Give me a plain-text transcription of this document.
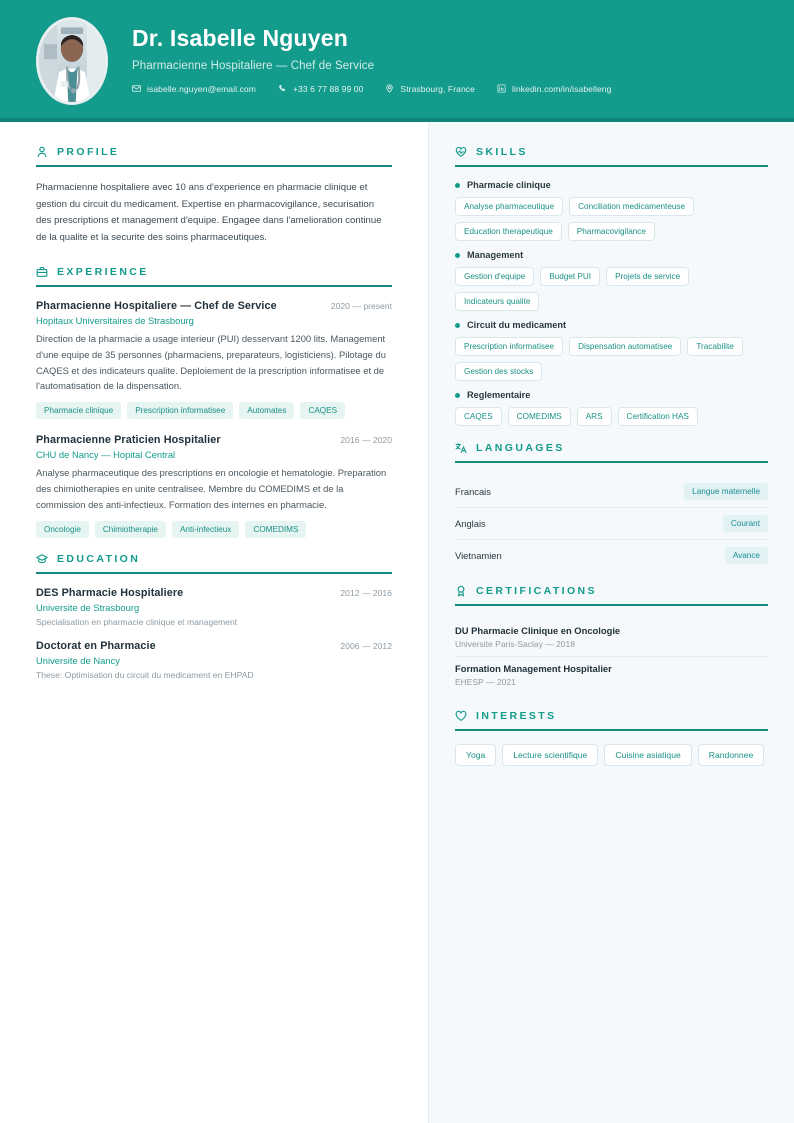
Dr. Isabelle Nguyen
Pharmacienne Hospitaliere — Chef de Service
isabelle.nguyen@email.com	+33 6 77 88 99 00	Strasbourg, France	linkedin.com/in/isabelleng
PROFILE
Pharmacienne hospitaliere avec 10 ans d'experience en pharmacie clinique et gestion du circuit du medicament. Expertise en pharmacovigilance, securisation des prescriptions et management d'equipe. Engagee dans l'amelioration continue de la qualite et la securite des soins pharmaceutiques.
EXPERIENCE
Pharmacienne Hospitaliere — Chef de Service	2020 — present
Hopitaux Universitaires de Strasbourg
Direction de la pharmacie a usage interieur (PUI) desservant 1200 lits. Management d'une equipe de 35 personnes (pharmaciens, preparateurs, logisticiens). Pilotage du CAQES et des indicateurs qualite. Deploiement de la prescription informatisee et de l'automatisation de la dispensation.
Pharmacie clinique	Prescription informatisee	Automates	CAQES
Pharmacienne Praticien Hospitalier	2016 — 2020
CHU de Nancy — Hopital Central
Analyse pharmaceutique des prescriptions en oncologie et hematologie. Preparation des chimiotherapies en unite centralisee. Membre du COMEDIMS et de la commission des anti-infectieux. Formation des internes en pharmacie.
Oncologie	Chimiotherapie	Anti-infectieux	COMEDIMS
EDUCATION
DES Pharmacie Hospitaliere	2012 — 2016
Universite de Strasbourg
Specialisation en pharmacie clinique et management
Doctorat en Pharmacie	2006 — 2012
Universite de Nancy
These: Optimisation du circuit du medicament en EHPAD
SKILLS
Pharmacie clinique
Analyse pharmaceutique	Conciliation medicamenteuse
Education therapeutique	Pharmacovigilance
Management
Gestion d'equipe	Budget PUI	Projets de service
Indicateurs qualite
Circuit du medicament
Prescription informatisee	Dispensation automatisee	Tracabilite
Gestion des stocks
Reglementaire
CAQES	COMEDIMS	ARS	Certification HAS
LANGUAGES
Francais	Langue maternelle
Anglais	Courant
Vietnamien	Avance
CERTIFICATIONS
DU Pharmacie Clinique en Oncologie
Universite Paris-Saclay — 2018
Formation Management Hospitalier
EHESP — 2021
INTERESTS
Yoga	Lecture scientifique	Cuisine asiatique	Randonnee
